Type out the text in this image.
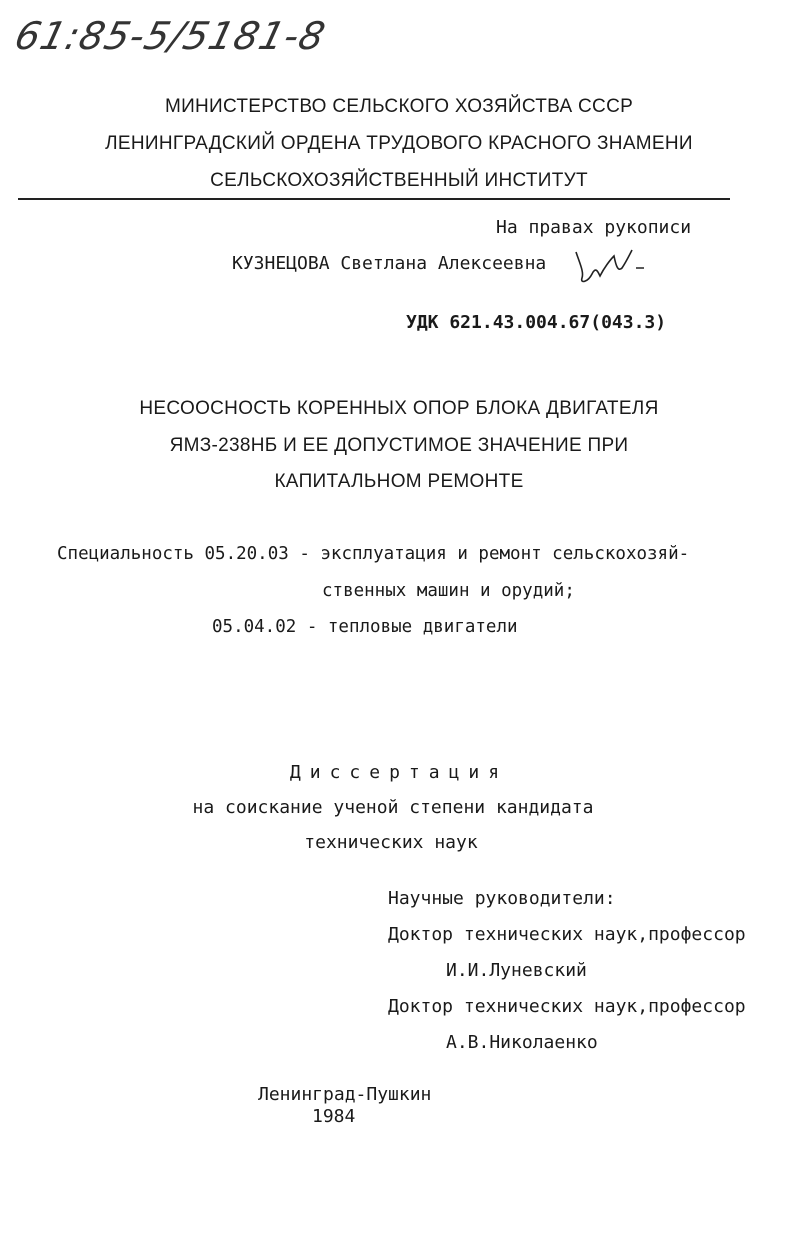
61:85-5/5181-8
МИНИСТЕРСТВО СЕЛЬСКОГО ХОЗЯЙСТВА СССР
ЛЕНИНГРАДСКИЙ ОРДЕНА ТРУДОВОГО КРАСНОГО ЗНАМЕНИ
СЕЛЬСКОХОЗЯЙСТВЕННЫЙ ИНСТИТУТ
На правах рукописи
КУЗНЕЦОВА Светлана Алексеевна
УДК 621.43.004.67(043.3)
НЕСООСНОСТЬ КОРЕННЫХ ОПОР БЛОКА ДВИГАТЕЛЯ
ЯМЗ-238НБ И ЕЕ ДОПУСТИМОЕ ЗНАЧЕНИЕ ПРИ
КАПИТАЛЬНОМ РЕМОНТЕ
Специальность 05.20.03 - эксплуатация и ремонт сельскохозяй-
ственных машин и орудий;
05.04.02 - тепловые двигатели
Диссертация
на соискание ученой степени кандидата
технических наук
Научные руководители:
Доктор технических наук,профессор
И.И.Луневский
Доктор технических наук,профессор
А.В.Николаенко
Ленинград-Пушкин
1984
